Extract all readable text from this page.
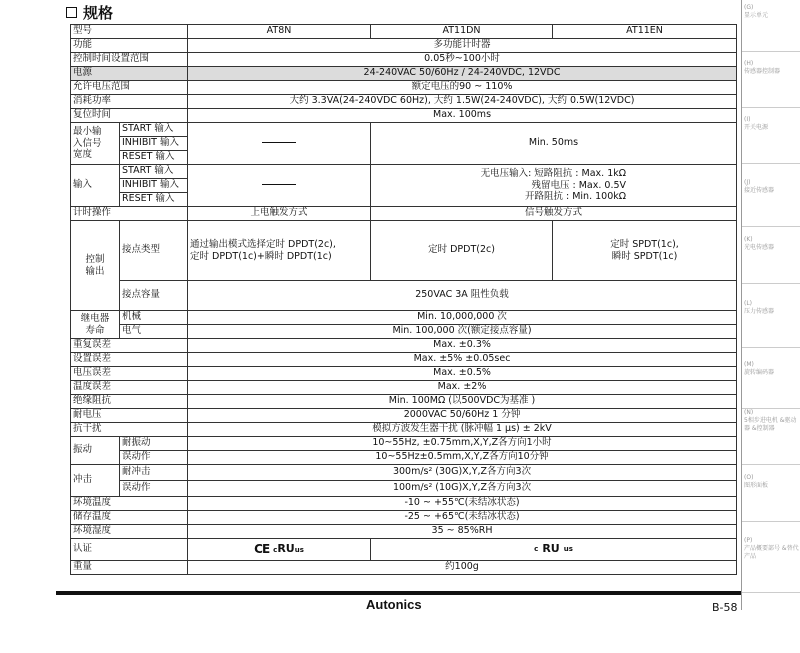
规格
型号		AT8N	AT11DN	AT11EN
功能		多功能计时器		
控制时间设置范围		0.05秒~100小时		
电源		24-240VAC 50/60Hz / 24-240VDC, 12VDC		
允许电压范围		额定电压的90 ~ 110%		
消耗功率		大约 3.3VA(24-240VDC 60Hz), 大约 1.5W(24-240VDC), 大约 0.5W(12VDC)		
复位时间		Max. 100ms		
最小输
入信号
宽度	START 输入		Min. 50ms	
	INHIBIT 输入			
	RESET 输入			
输入	START 输入		无电压输入: 短路阻抗 : Max. 1kΩ
残留电压 : Max. 0.5V
开路阻抗 : Min. 100kΩ	
	INHIBIT 输入			
	RESET 输入			
计时操作		上电触发方式	信号触发方式	
控制
输出	接点类型	通过输出模式选择定时 DPDT(2c),
定时 DPDT(1c)+瞬时 DPDT(1c)	定时 DPDT(2c)	定时 SPDT(1c),
瞬时 SPDT(1c)
	接点容量	250VAC 3A 阻性负载		
继电器
寿命	机械	Min. 10,000,000 次		
	电气	Min. 100,000 次(额定接点容量)		
重复误差		Max. ±0.3%		
设置误差		Max. ±5% ±0.05sec		
电压误差		Max. ±0.5%		
温度误差		Max. ±2%		
绝缘阻抗		Min. 100MΩ (以500VDC为基准 )		
耐电压		2000VAC 50/60Hz 1 分钟		
抗干扰		模拟方波发生器干扰 (脉冲幅 1 μs) ± 2kV		
振动	耐振动	10~55Hz, ±0.75mm,X,Y,Z各方向1小时		
	误动作	10~55Hz±0.5mm,X,Y,Z各方向10分钟		
冲击	耐冲击	300m/s² (30G)X,Y,Z各方向3次		
	误动作	100m/s² (10G)X,Y,Z各方向3次		
环境温度		-10 ~ +55℃(未结冰状态)		
储存温度		-25 ~ +65℃(未结冰状态)		
环境湿度		35 ~ 85%RH		
认证		CE cRUus	c RU us	

重量		约100g		
Autonics	B-58
(G)
显示单元
(H)
传感器控制器
(I)
开关电源
(J)
接近传感器
(K)
光电传感器
(L)
压力传感器
(M)
旋转编码器
(N)
5相步进电机 &驱动器 &控制器
(O)
图形面板
(P)
产品概要部号 &替代产品
